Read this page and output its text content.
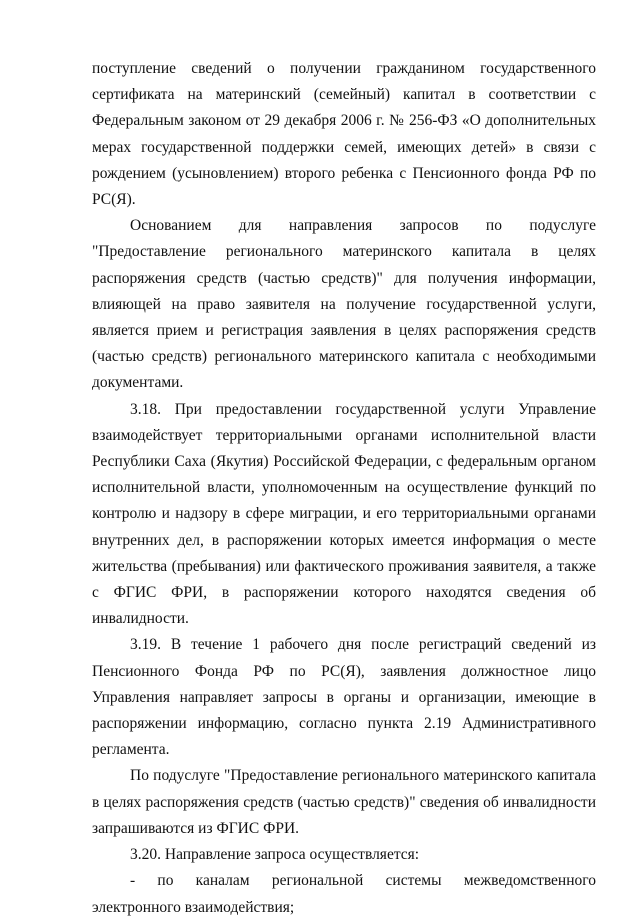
поступление сведений о получении гражданином государственного сертификата на материнский (семейный) капитал в соответствии с Федеральным законом от 29 декабря 2006 г. № 256-ФЗ «О дополнительных мерах государственной поддержки семей, имеющих детей» в связи с рождением (усыновлением) второго ребенка с Пенсионного фонда РФ по РС(Я).

Основанием для направления запросов по подуслуге "Предоставление регионального материнского капитала в целях распоряжения средств (частью средств)" для получения информации, влияющей на право заявителя на получение государственной услуги, является прием и регистрация заявления в целях распоряжения средств (частью средств) регионального материнского капитала с необходимыми документами.

3.18. При предоставлении государственной услуги Управление взаимодействует территориальными органами исполнительной власти Республики Саха (Якутия) Российской Федерации, с федеральным органом исполнительной власти, уполномоченным на осуществление функций по контролю и надзору в сфере миграции, и его территориальными органами внутренних дел, в распоряжении которых имеется информация о месте жительства (пребывания) или фактического проживания заявителя, а также с ФГИС ФРИ, в распоряжении которого находятся сведения об инвалидности.

3.19. В течение 1 рабочего дня после регистраций сведений из Пенсионного Фонда РФ по РС(Я), заявления должностное лицо Управления направляет запросы в органы и организации, имеющие в распоряжении информацию, согласно пункта 2.19 Административного регламента.

По подуслуге "Предоставление регионального материнского капитала в целях распоряжения средств (частью средств)" сведения об инвалидности запрашиваются из ФГИС ФРИ.

3.20. Направление запроса осуществляется:

- по каналам региональной системы межведомственного электронного взаимодействия;
